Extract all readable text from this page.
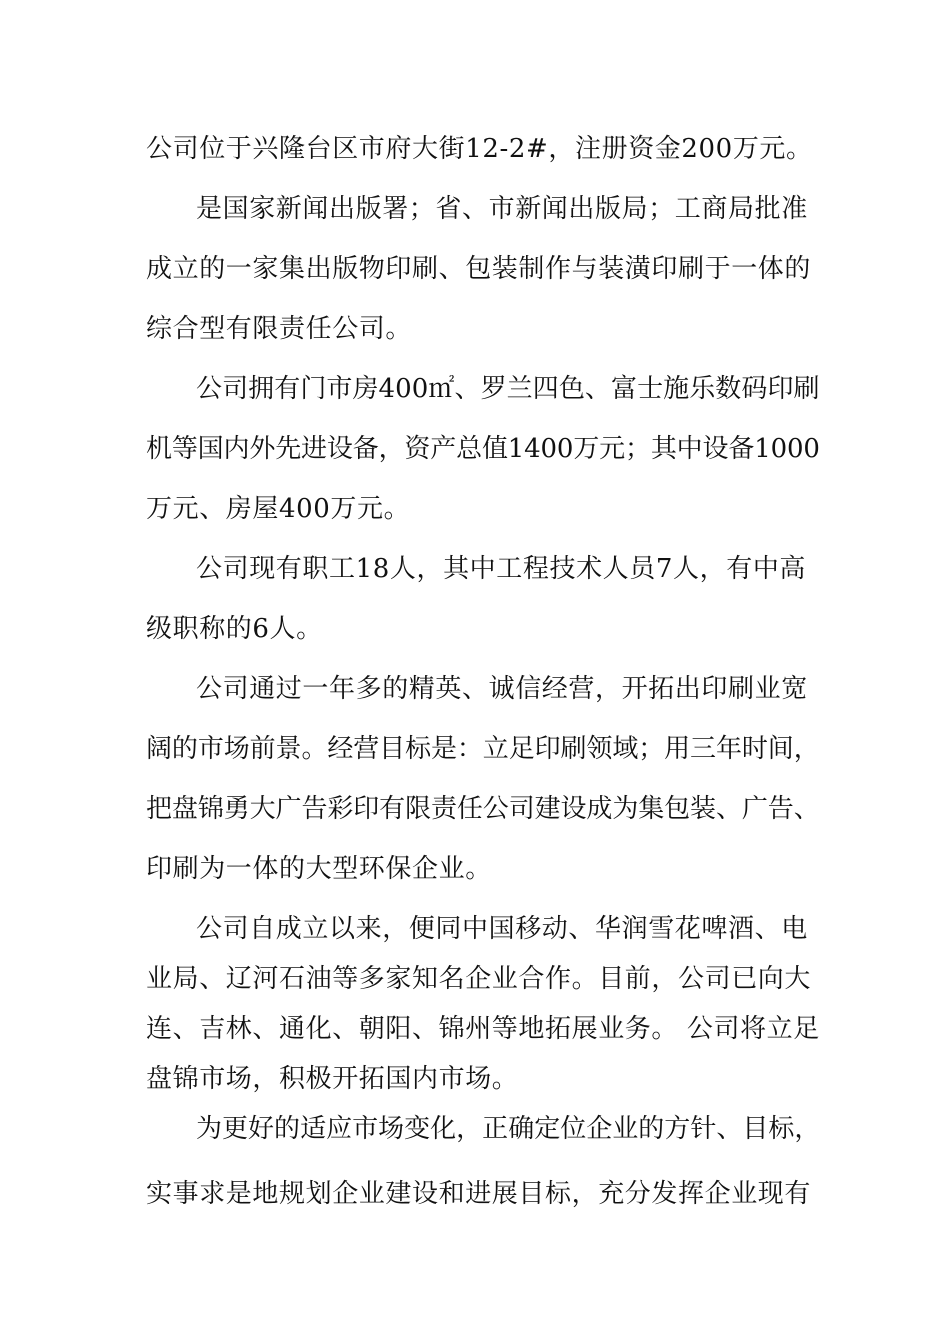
公司位于兴隆台区市府大街12-2#，注册资金200万元。
是国家新闻出版署；省、市新闻出版局；工商局批准
成立的一家集出版物印刷、包装制作与装潢印刷于一体的
综合型有限责任公司。
公司拥有门市房400㎡、罗兰四色、富士施乐数码印刷
机等国内外先进设备，资产总值1400万元；其中设备1000
万元、房屋400万元。
公司现有职工18人，其中工程技术人员7人，有中高
级职称的6人。
公司通过一年多的精英、诚信经营，开拓出印刷业宽
阔的市场前景。经营目标是：立足印刷领域；用三年时间，
把盘锦勇大广告彩印有限责任公司建设成为集包装、广告、
印刷为一体的大型环保企业。
公司自成立以来，便同中国移动、华润雪花啤酒、电
业局、辽河石油等多家知名企业合作。目前，公司已向大
连、吉林、通化、朝阳、锦州等地拓展业务。 公司将立足
盘锦市场，积极开拓国内市场。
为更好的适应市场变化，正确定位企业的方针、目标，
实事求是地规划企业建设和进展目标，充分发挥企业现有
